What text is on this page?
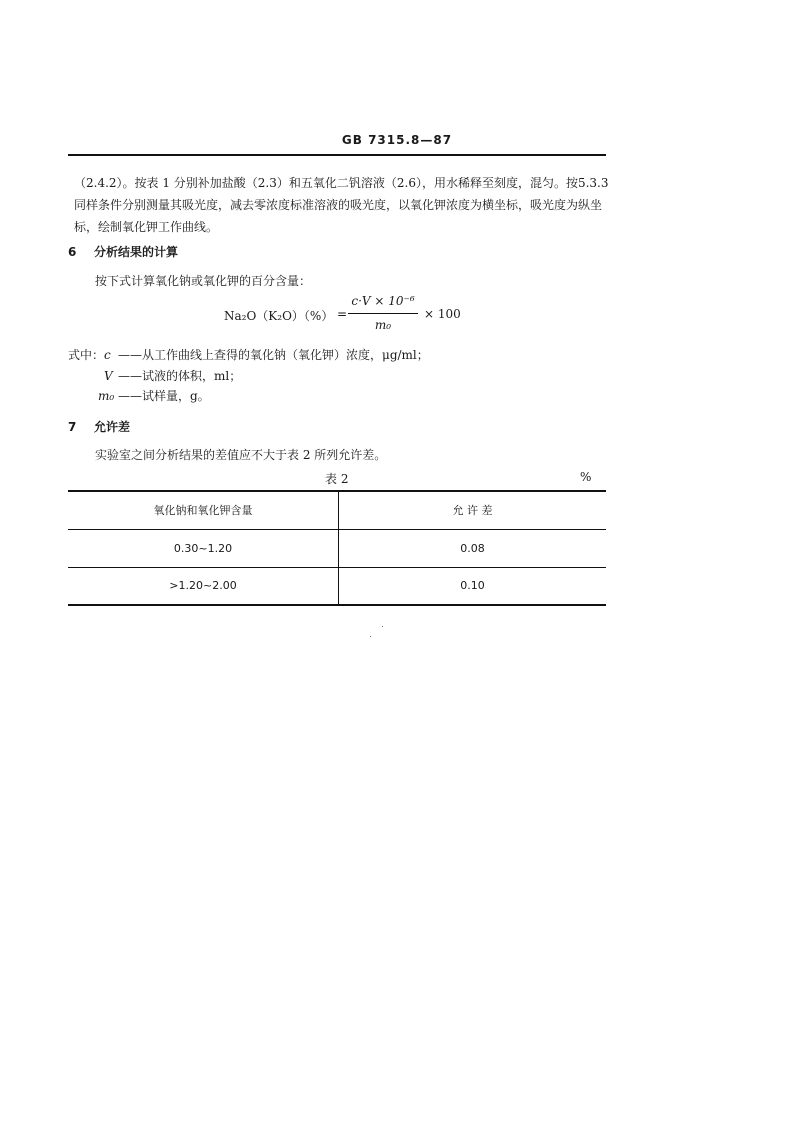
GB 7315.8—87
（2.4.2）。按表 1 分别补加盐酸（2.3）和五氧化二钒溶液（2.6），用水稀释至刻度，混匀。按5.3.3同样条件分别测量其吸光度，减去零浓度标准溶液的吸光度，以氧化钾浓度为横坐标，吸光度为纵坐标，绘制氧化钾工作曲线。
6 分析结果的计算
按下式计算氧化钠或氧化钾的百分含量：
Na₂O（K₂O）（%） =
c·V × 10⁻⁶
m₀
× 100
式中：c ——从工作曲线上查得的氧化钠（氧化钾）浓度，μg/ml；
V ——试液的体积，ml；
m₀ ——试样量，g。
7 允许差
实验室之间分析结果的差值应不大于表 2 所列允许差。
表 2	%
氧化钠和氧化钾含量	允 许 差
0.30~1.20	0.08
>1.20~2.00	0.10
